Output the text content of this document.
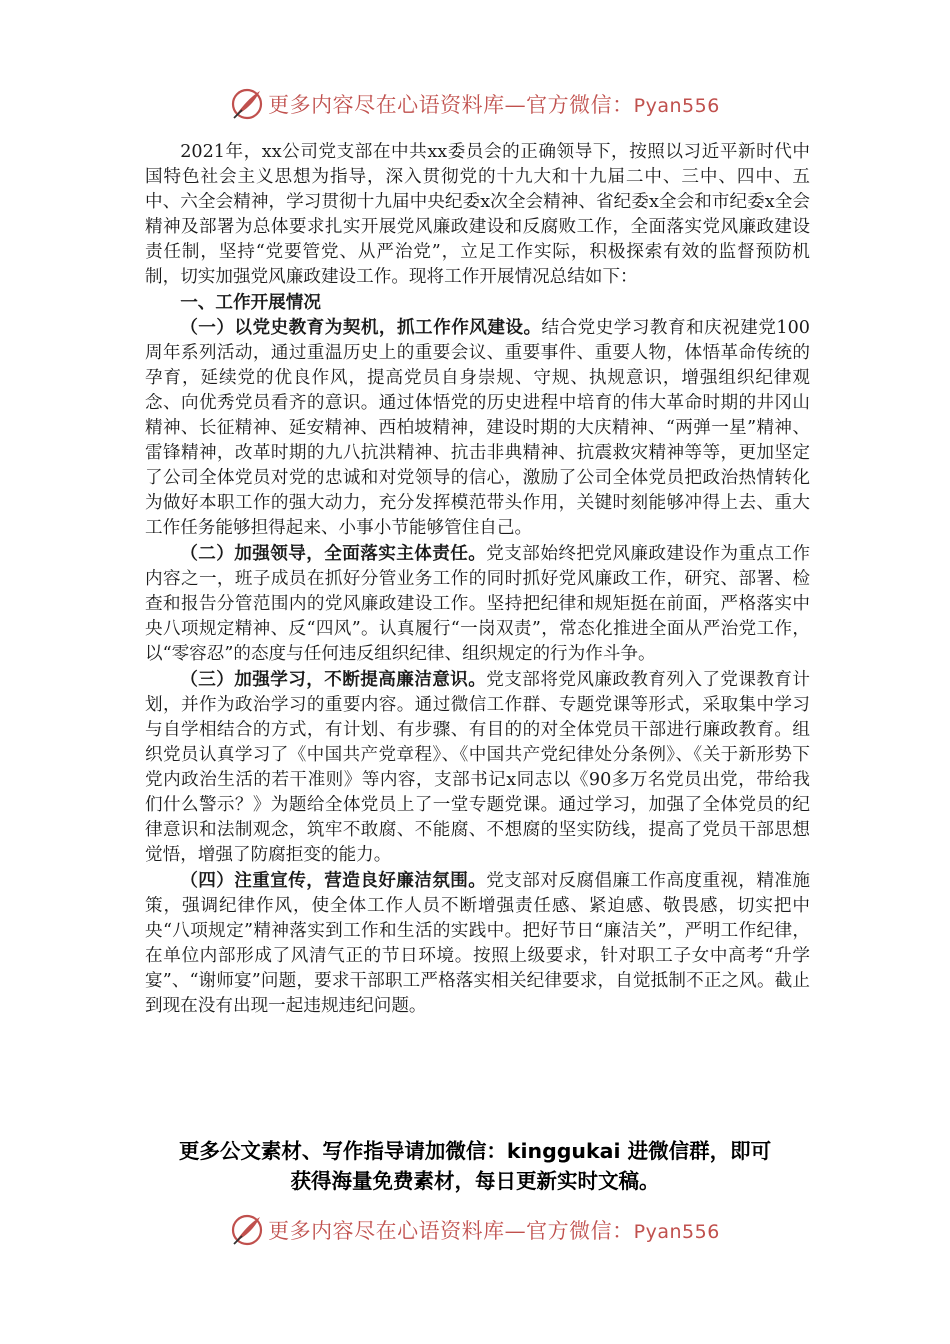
更多内容尽在心语资料库—官方微信：Pyan556

2021年，xx公司党支部在中共xx委员会的正确领导下，按照以习近平新时代中国特色社会主义思想为指导，深入贯彻党的十九大和十九届二中、三中、四中、五中、六全会精神，学习贯彻十九届中央纪委x次全会精神、省纪委x全会和市纪委x全会精神及部署为总体要求扎实开展党风廉政建设和反腐败工作，全面落实党风廉政建设责任制，坚持“党要管党、从严治党”，立足工作实际，积极探索有效的监督预防机制，切实加强党风廉政建设工作。现将工作开展情况总结如下：

一、工作开展情况

（一）以党史教育为契机，抓工作作风建设。结合党史学习教育和庆祝建党100周年系列活动，通过重温历史上的重要会议、重要事件、重要人物，体悟革命传统的孕育，延续党的优良作风，提高党员自身崇规、守规、执规意识，增强组织纪律观念、向优秀党员看齐的意识。通过体悟党的历史进程中培育的伟大革命时期的井冈山精神、长征精神、延安精神、西柏坡精神，建设时期的大庆精神、“两弹一星”精神、雷锋精神，改革时期的九八抗洪精神、抗击非典精神、抗震救灾精神等等，更加坚定了公司全体党员对党的忠诚和对党领导的信心，激励了公司全体党员把政治热情转化为做好本职工作的强大动力，充分发挥模范带头作用，关键时刻能够冲得上去、重大工作任务能够担得起来、小事小节能够管住自己。

（二）加强领导，全面落实主体责任。党支部始终把党风廉政建设作为重点工作内容之一，班子成员在抓好分管业务工作的同时抓好党风廉政工作，研究、部署、检查和报告分管范围内的党风廉政建设工作。坚持把纪律和规矩挺在前面，严格落实中央八项规定精神、反“四风”。认真履行“一岗双责”，常态化推进全面从严治党工作，以“零容忍”的态度与任何违反组织纪律、组织规定的行为作斗争。

（三）加强学习，不断提高廉洁意识。党支部将党风廉政教育列入了党课教育计划，并作为政治学习的重要内容。通过微信工作群、专题党课等形式，采取集中学习与自学相结合的方式，有计划、有步骤、有目的的对全体党员干部进行廉政教育。组织党员认真学习了《中国共产党章程》、《中国共产党纪律处分条例》、《关于新形势下党内政治生活的若干准则》等内容，支部书记x同志以《90多万名党员出党，带给我们什么警示？》为题给全体党员上了一堂专题党课。通过学习，加强了全体党员的纪律意识和法制观念，筑牢不敢腐、不能腐、不想腐的坚实防线，提高了党员干部思想觉悟，增强了防腐拒变的能力。

（四）注重宣传，营造良好廉洁氛围。党支部对反腐倡廉工作高度重视，精准施策，强调纪律作风，使全体工作人员不断增强责任感、紧迫感、敬畏感，切实把中央“八项规定”精神落实到工作和生活的实践中。把好节日“廉洁关”，严明工作纪律，在单位内部形成了风清气正的节日环境。按照上级要求，针对职工子女中高考“升学宴”、“谢师宴”问题，要求干部职工严格落实相关纪律要求，自觉抵制不正之风。截止到现在没有出现一起违规违纪问题。

更多公文素材、写作指导请加微信：kinggukai 进微信群，即可
获得海量免费素材，每日更新实时文稿。
更多内容尽在心语资料库—官方微信：Pyan556
